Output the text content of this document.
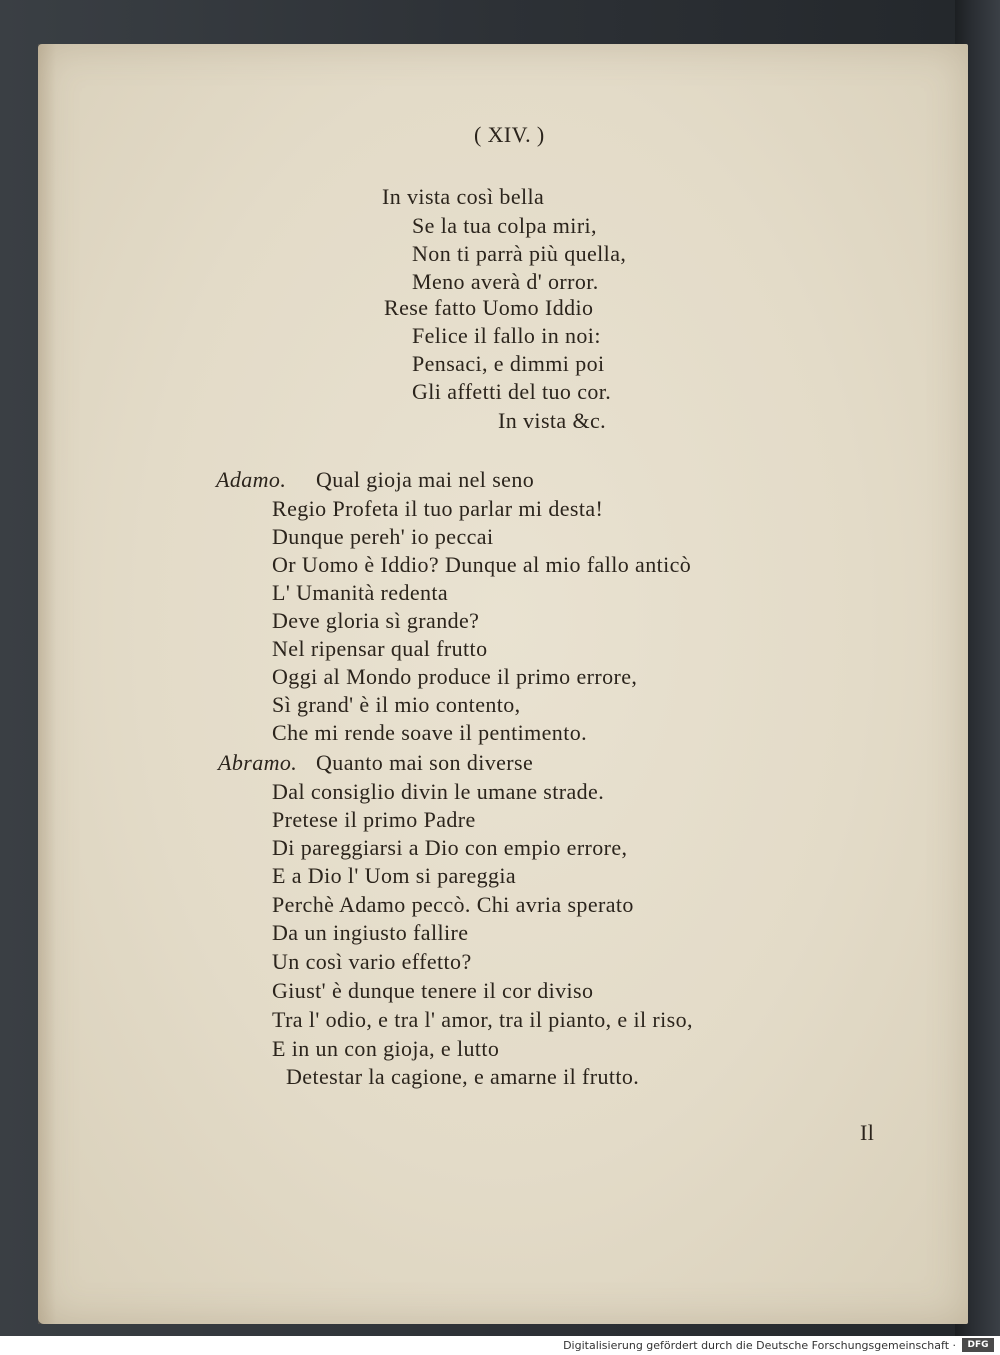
( XIV. )
In vista così bella
Se la tua colpa miri,
Non ti parrà più quella,
Meno averà d' orror.
Rese fatto Uomo Iddio
Felice il fallo in noi:
Pensaci, e dimmi poi
Gli affetti del tuo cor.
In vista &c.
Adamo. Qual gioja mai nel seno
Regio Profeta il tuo parlar mi desta!
Dunque pereh' io peccai
Or Uomo è Iddio? Dunque al mio fallo anticò
L' Umanità redenta
Deve gloria sì grande?
Nel ripensar qual frutto
Oggi al Mondo produce il primo errore,
Sì grand' è il mio contento,
Che mi rende soave il pentimento.
Abramo. Quanto mai son diverse
Dal consiglio divin le umane strade.
Pretese il primo Padre
Di pareggiarsi a Dio con empio errore,
E a Dio l' Uom si pareggia
Perchè Adamo peccò. Chi avria sperato
Da un ingiusto fallire
Un così vario effetto?
Giust' è dunque tenere il cor diviso
Tra l' odio, e tra l' amor, tra il pianto, e il riso,
E in un con gioja, e lutto
Detestar la cagione, e amarne il frutto.
Il
Digitalisierung gefördert durch die Deutsche Forschungsgemeinschaft ·	DFG
